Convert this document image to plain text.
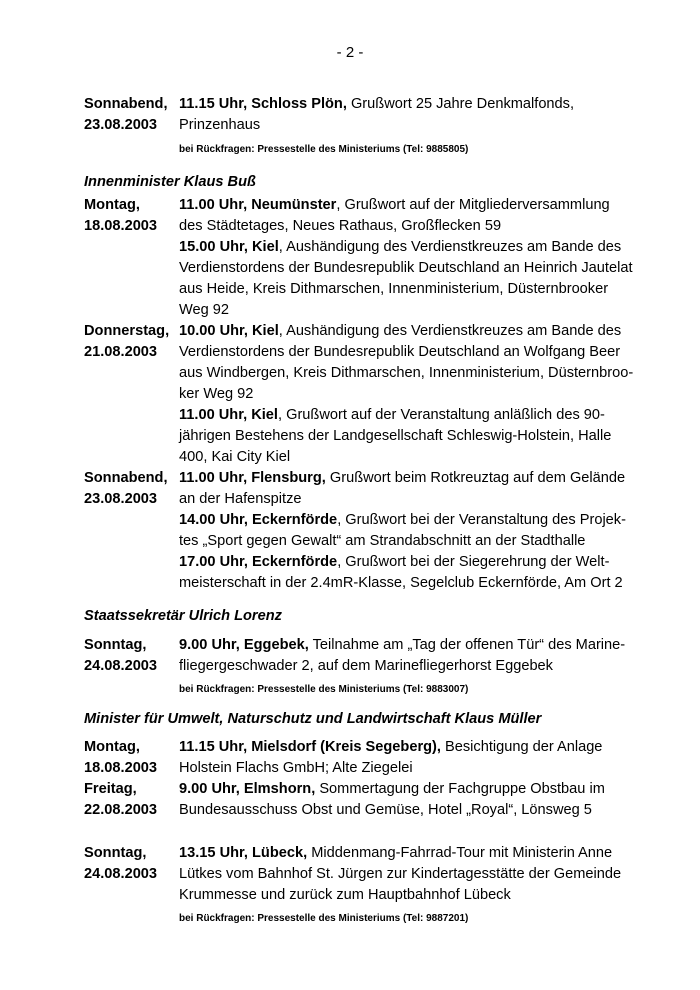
- 2 -
Sonnabend,
23.08.2003
11.15 Uhr, Schloss Plön, Grußwort 25 Jahre Denkmalfonds,
Prinzenhaus
bei Rückfragen: Pressestelle des Ministeriums (Tel: 9885805)
Innenminister Klaus Buß
Montag,
18.08.2003
11.00 Uhr, Neumünster, Grußwort auf der Mitgliederversammlung
des Städtetages, Neues Rathaus, Großflecken 59
15.00 Uhr, Kiel, Aushändigung des Verdienstkreuzes am Bande des
Verdienstordens der Bundesrepublik Deutschland an Heinrich Jautelat
aus Heide, Kreis Dithmarschen, Innenministerium, Düsternbrooker
Weg 92
Donnerstag,
21.08.2003
10.00 Uhr, Kiel, Aushändigung des Verdienstkreuzes am Bande des
Verdienstordens der Bundesrepublik Deutschland an Wolfgang Beer
aus Windbergen, Kreis Dithmarschen, Innenministerium, Düsternbroo-
ker Weg 92
11.00 Uhr, Kiel, Grußwort auf der Veranstaltung anläßlich des 90-
jährigen Bestehens der Landgesellschaft Schleswig-Holstein, Halle
400, Kai City Kiel
Sonnabend,
23.08.2003
11.00 Uhr, Flensburg, Grußwort beim Rotkreuztag auf dem Gelände
an der Hafenspitze
14.00 Uhr, Eckernförde, Grußwort bei der Veranstaltung des Projek-
tes „Sport gegen Gewalt“ am Strandabschnitt an der Stadthalle
17.00 Uhr, Eckernförde, Grußwort bei der Siegerehrung der Welt-
meisterschaft in der 2.4mR-Klasse, Segelclub Eckernförde, Am Ort 2
Staatssekretär Ulrich Lorenz
Sonntag,
24.08.2003
9.00 Uhr, Eggebek, Teilnahme am „Tag der offenen Tür“ des Marine-
fliegergeschwader 2, auf dem Marinefliegerhorst Eggebek
bei Rückfragen: Pressestelle des Ministeriums (Tel: 9883007)
Minister für Umwelt, Naturschutz und Landwirtschaft Klaus Müller
Montag,
18.08.2003
11.15 Uhr, Mielsdorf (Kreis Segeberg), Besichtigung der Anlage
Holstein Flachs GmbH; Alte Ziegelei
Freitag,
22.08.2003
9.00 Uhr, Elmshorn, Sommertagung der Fachgruppe Obstbau im
Bundesausschuss Obst und Gemüse, Hotel „Royal“, Lönsweg 5
Sonntag,
24.08.2003
13.15 Uhr, Lübeck, Middenmang-Fahrrad-Tour mit Ministerin Anne
Lütkes vom Bahnhof St. Jürgen zur Kindertagesstätte der Gemeinde
Krummesse und zurück zum Hauptbahnhof Lübeck
bei Rückfragen: Pressestelle des Ministeriums (Tel: 9887201)
